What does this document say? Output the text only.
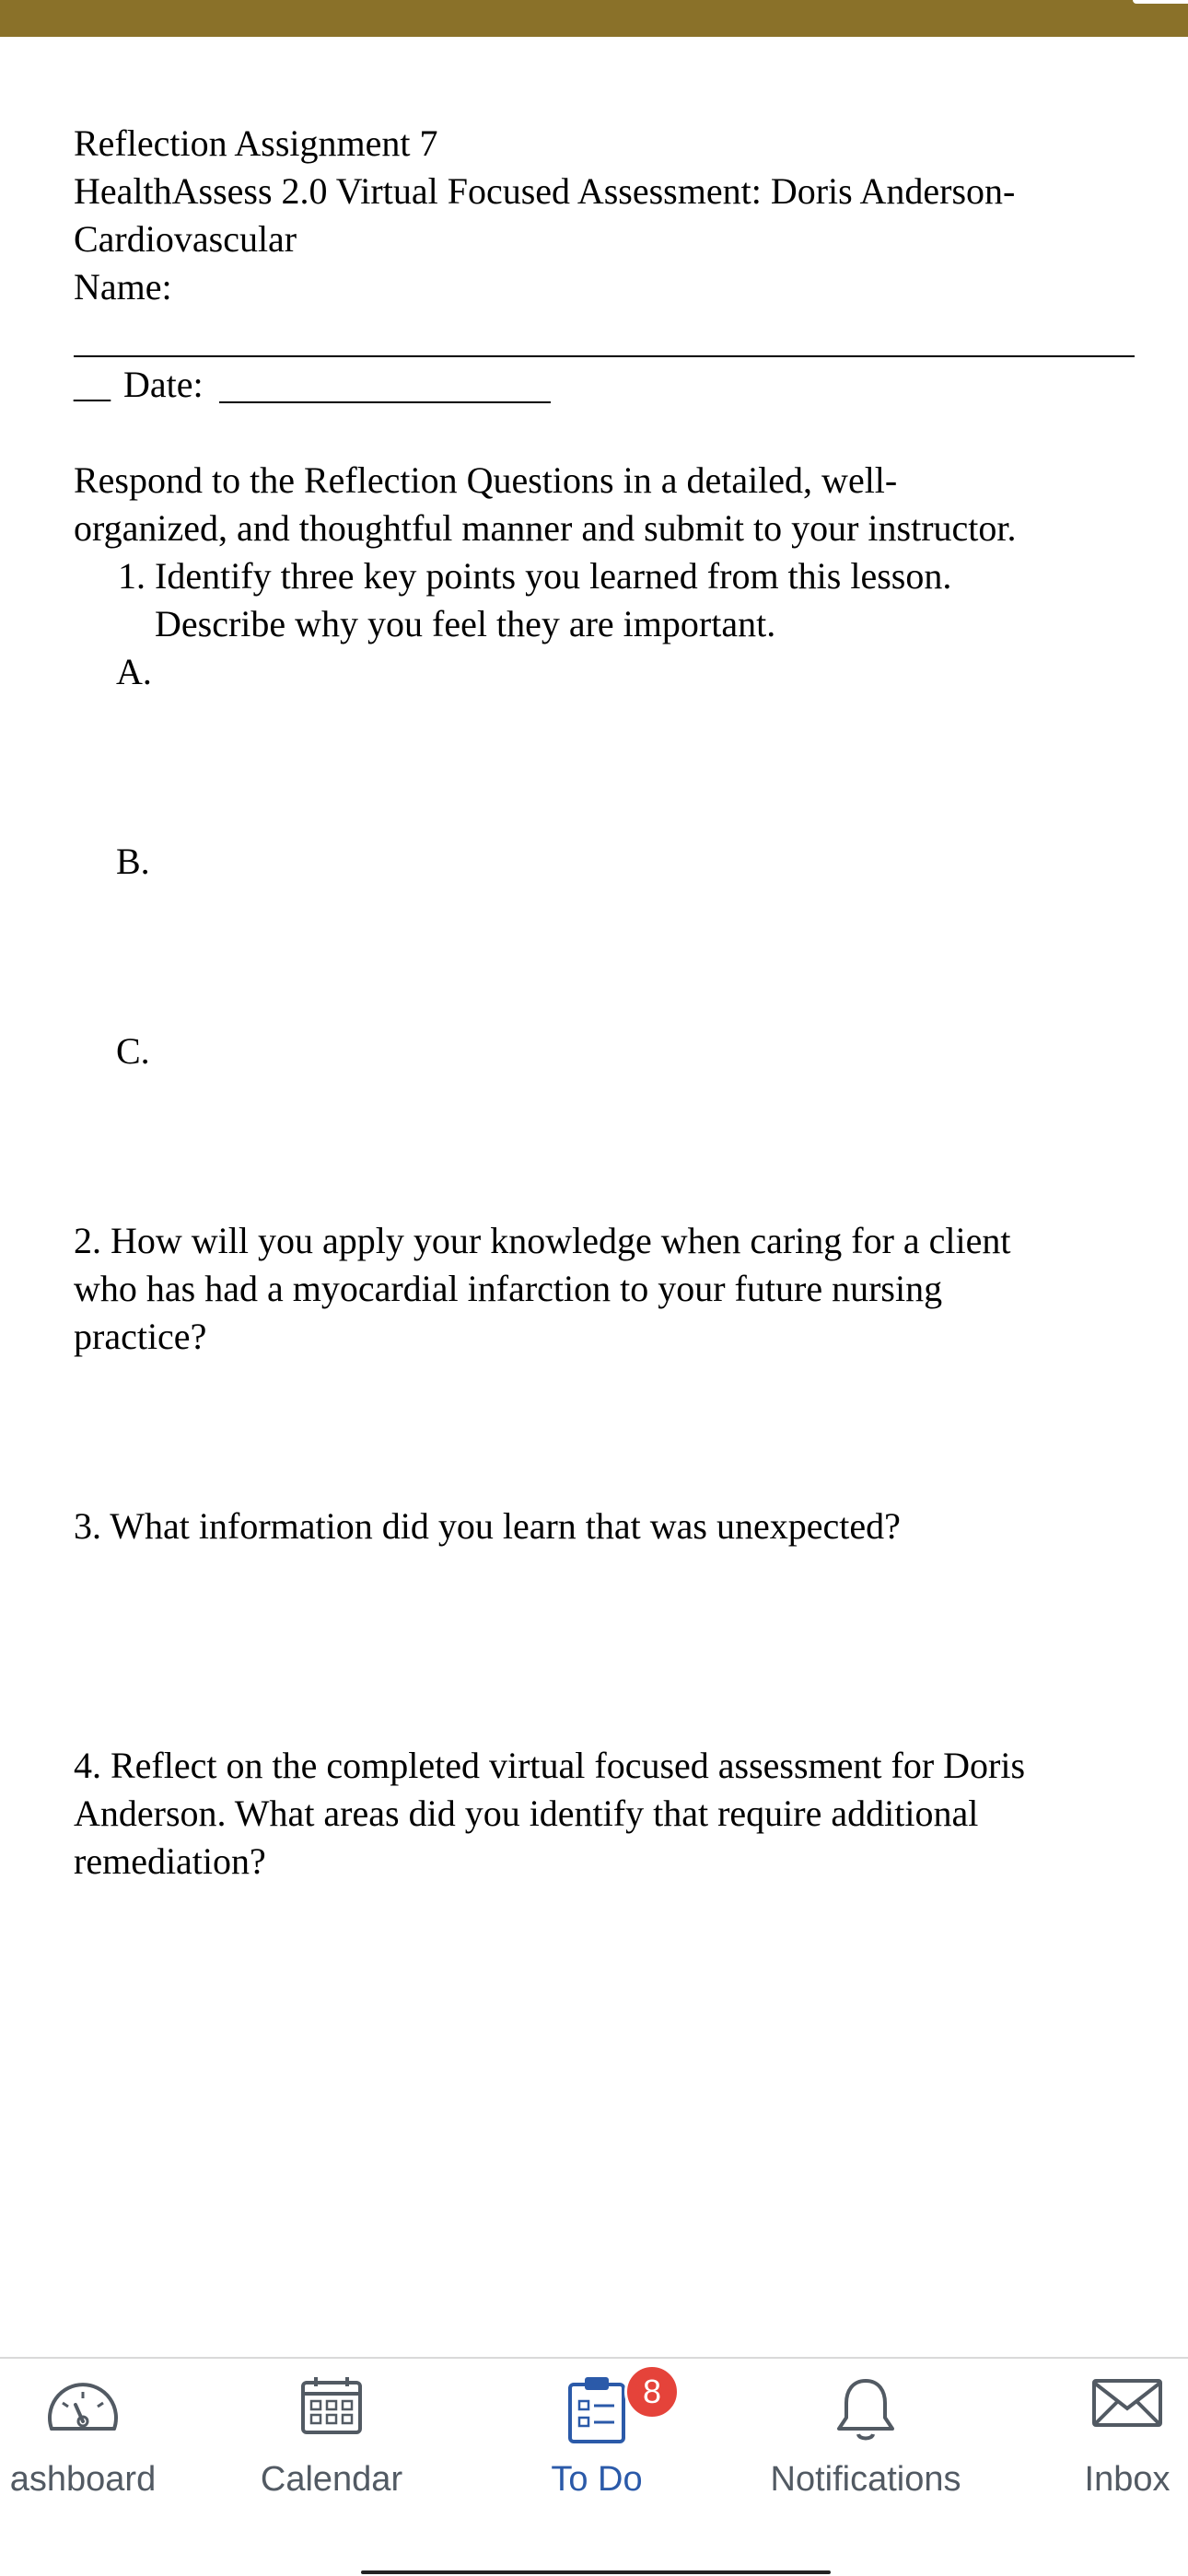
Reflection Assignment 7
HealthAssess 2.0 Virtual Focused Assessment: Doris Anderson-
Cardiovascular
Name:
__ Date:
Respond to the Reflection Questions in a detailed, well-
organized, and thoughtful manner and submit to your instructor.
1. Identify three key points you learned from this lesson.
Describe why you feel they are important.
A.
B.
C.
2. How will you apply your knowledge when caring for a client
who has had a myocardial infarction to your future nursing
practice?
3. What information did you learn that was unexpected?
4. Reflect on the completed virtual focused assessment for Doris
Anderson. What areas did you identify that require additional
remediation?
ashboard	Calendar
8
To Do	Notifications	Inbox
